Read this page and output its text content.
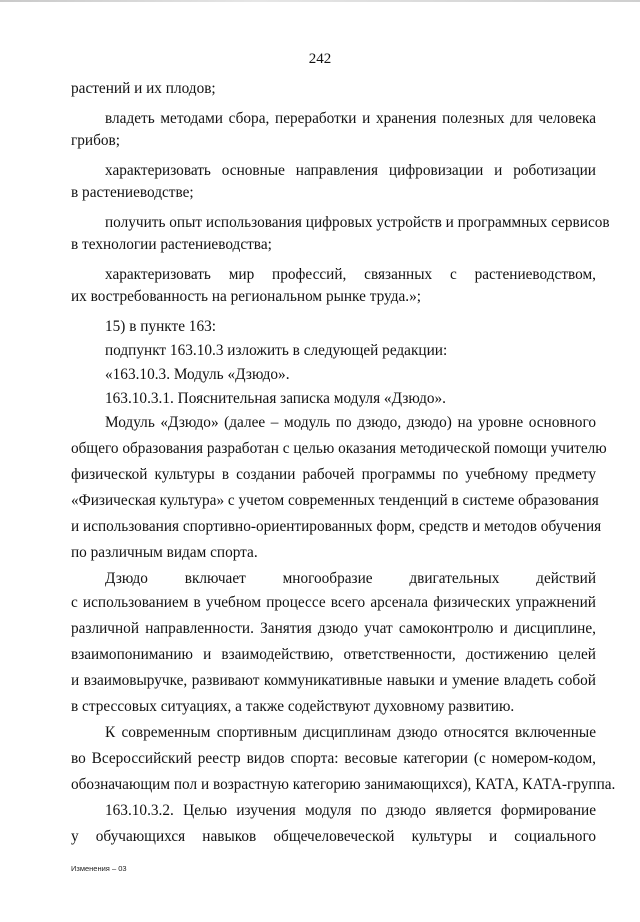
242
растений и их плодов;
владеть методами сбора, переработки и хранения полезных для человека
грибов;
характеризовать основные направления цифровизации и роботизации
в растениеводстве;
получить опыт использования цифровых устройств и программных сервисов
в технологии растениеводства;
характеризовать мир профессий, связанных с растениеводством,
их востребованность на региональном рынке труда.»;
15) в пункте 163:
подпункт 163.10.3 изложить в следующей редакции:
«163.10.3. Модуль «Дзюдо».
163.10.3.1. Пояснительная записка модуля «Дзюдо».
Модуль «Дзюдо» (далее – модуль по дзюдо, дзюдо) на уровне основного
общего образования разработан с целью оказания методической помощи учителю
физической культуры в создании рабочей программы по учебному предмету
«Физическая культура» с учетом современных тенденций в системе образования
и использования спортивно-ориентированных форм, средств и методов обучения
по различным видам спорта.
Дзюдо включает многообразие двигательных действий
с использованием в учебном процессе всего арсенала физических упражнений
различной направленности. Занятия дзюдо учат самоконтролю и дисциплине,
взаимопониманию и взаимодействию, ответственности, достижению целей
и взаимовыручке, развивают коммуникативные навыки и умение владеть собой
в стрессовых ситуациях, а также содействуют духовному развитию.
К современным спортивным дисциплинам дзюдо относятся включенные
во Всероссийский реестр видов спорта: весовые категории (с номером-кодом,
обозначающим пол и возрастную категорию занимающихся), КАТА, КАТА-группа.
163.10.3.2. Целью изучения модуля по дзюдо является формирование
у обучающихся навыков общечеловеческой культуры и социального
Изменения – 03
